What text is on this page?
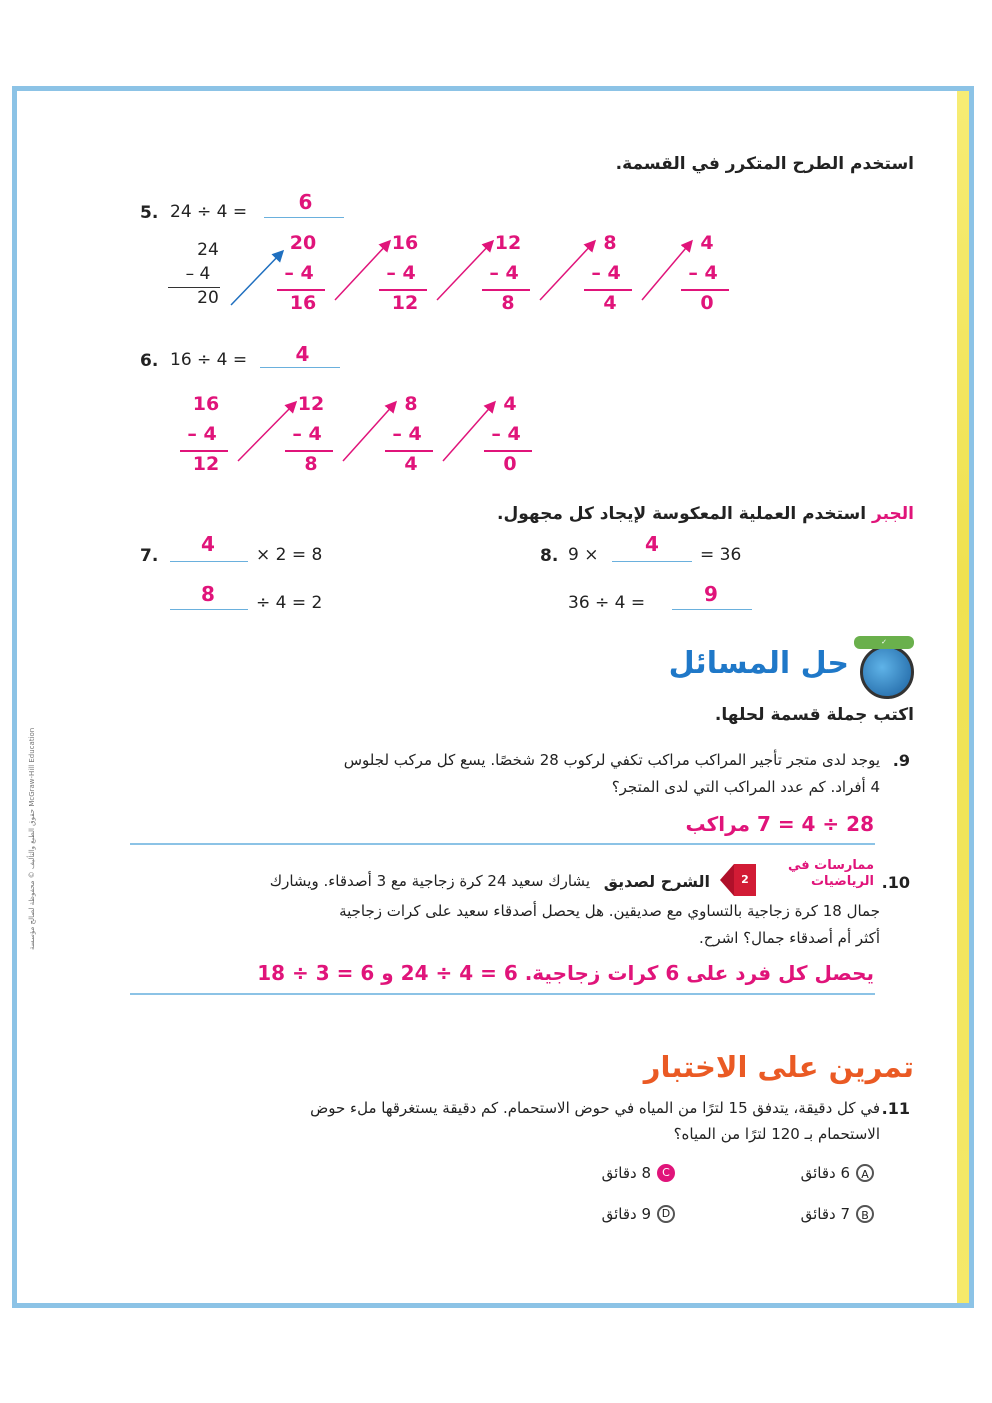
حقوق الطبع والتأليف © محفوظة لصالح مؤسسة McGraw-Hill Education
استخدم الطرح المتكرر في القسمة.
5. 24 ÷ 4 =	6
24
– 4
20
20
– 4
16
16
– 4
12
12
– 4
8
8
– 4
4
4
– 4
0
6. 16 ÷ 4 =	4
16
– 4
12
12
– 4
8
8
– 4
4
4
– 4
0
الجبر استخدم العملية المعكوسة لإيجاد كل مجهول.
7.	4	× 2 = 8
8	÷ 4 = 2
8. 9 ×	4	= 36
36 ÷ 4 =	9
✓
حل المسائل
اكتب جملة قسمة لحلها.
9.
يوجد لدى متجر تأجير المراكب مراكب تكفي لركوب 28 شخصًا. يسع كل مركب لجلوس
4 أفراد. كم عدد المراكب التي لدى المتجر؟
28 ÷ 4 = 7 مراكب
10.
ممارسات في الرياضيات
2
الشرح لصديق
يشارك سعيد 24 كرة زجاجية مع 3 أصدقاء. ويشارك
جمال 18 كرة زجاجية بالتساوي مع صديقين. هل يحصل أصدقاء سعيد على كرات زجاجية
أكثر أم أصدقاء جمال؟ اشرح.
يحصل كل فرد على 6 كرات زجاجية. 6 = 4 ÷ 24 و 6 = 3 ÷ 18
تمرين على الاختبار
11.
في كل دقيقة، يتدفق 15 لترًا من المياه في حوض الاستحمام. كم دقيقة يستغرقها ملء حوض
الاستحمام بـ 120 لترًا من المياه؟
A
6 دقائق
B
7 دقائق
C
8 دقائق
D
9 دقائق
